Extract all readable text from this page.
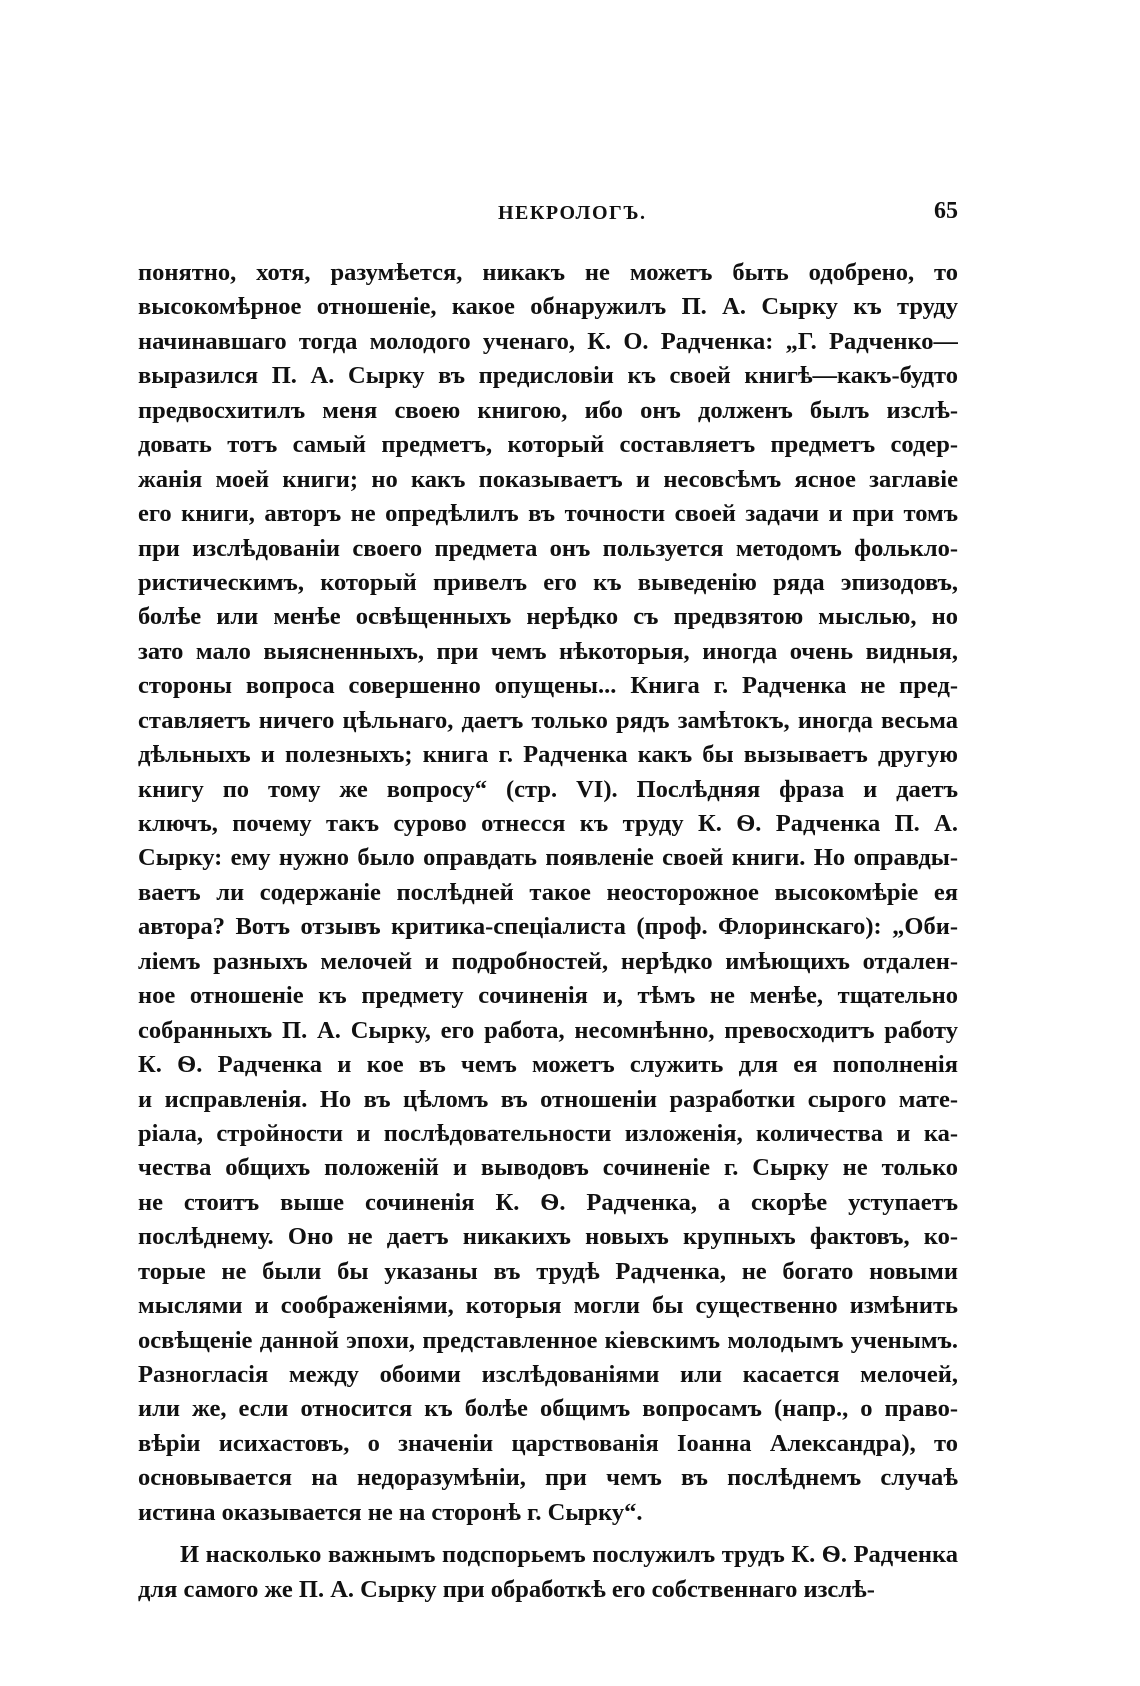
НЕКРОЛОГЪ.	65
понятно, хотя, разумѣется, никакъ не можетъ быть одобрено, то
высокомѣрное отношеніе, какое обнаружилъ П. А. Сырку къ труду
начинавшаго тогда молодого ученаго, К. О. Радченка: „Г. Радченко—
выразился П. А. Сырку въ предисловіи къ своей книгѣ—какъ-будто
предвосхитилъ меня своею книгою, ибо онъ долженъ былъ изслѣ-
довать тотъ самый предметъ, который составляетъ предметъ содер-
жанія моей книги; но какъ показываетъ и несовсѣмъ ясное заглавіе
его книги, авторъ не опредѣлилъ въ точности своей задачи и при томъ
при изслѣдованіи своего предмета онъ пользуется методомъ фолькло-
ристическимъ, который привелъ его къ выведенію ряда эпизодовъ,
болѣе или менѣе освѣщенныхъ нерѣдко съ предвзятою мыслью, но
зато мало выясненныхъ, при чемъ нѣкоторыя, иногда очень видныя,
стороны вопроса совершенно опущены... Книга г. Радченка не пред-
ставляетъ ничего цѣльнаго, даетъ только рядъ замѣтокъ, иногда весьма
дѣльныхъ и полезныхъ; книга г. Радченка какъ бы вызываетъ другую
книгу по тому же вопросу“ (стр. VI). Послѣдняя фраза и даетъ
ключъ, почему такъ сурово отнесся къ труду К. Ѳ. Радченка П. А.
Сырку: ему нужно было оправдать появленіе своей книги. Но оправды-
ваетъ ли содержаніе послѣдней такое неосторожное высокомѣріе ея
автора? Вотъ отзывъ критика-спеціалиста (проф. Флоринскаго): „Оби-
ліемъ разныхъ мелочей и подробностей, нерѣдко имѣющихъ отдален-
ное отношеніе къ предмету сочиненія и, тѣмъ не менѣе, тщательно
собранныхъ П. А. Сырку, его работа, несомнѣнно, превосходитъ работу
К. Ѳ. Радченка и кое въ чемъ можетъ служить для ея пополненія
и исправленія. Но въ цѣломъ въ отношеніи разработки сырого мате-
ріала, стройности и послѣдовательности изложенія, количества и ка-
чества общихъ положеній и выводовъ сочиненіе г. Сырку не только
не стоитъ выше сочиненія К. Ѳ. Радченка, а скорѣе уступаетъ
послѣднему. Оно не даетъ никакихъ новыхъ крупныхъ фактовъ, ко-
торые не были бы указаны въ трудѣ Радченка, не богато новыми
мыслями и соображеніями, которыя могли бы существенно измѣнить
освѣщеніе данной эпохи, представленное кіевскимъ молодымъ ученымъ.
Разногласія между обоими изслѣдованіями или касается мелочей,
или же, если относится къ болѣе общимъ вопросамъ (напр., о право-
вѣріи исихастовъ, о значеніи царствованія Іоанна Александра), то
основывается на недоразумѣніи, при чемъ въ послѣднемъ случаѣ
истина оказывается не на сторонѣ г. Сырку“.
И насколько важнымъ подспорьемъ послужилъ трудъ К. Ѳ. Радченка
для самого же П. А. Сырку при обработкѣ его собственнаго изслѣ-
